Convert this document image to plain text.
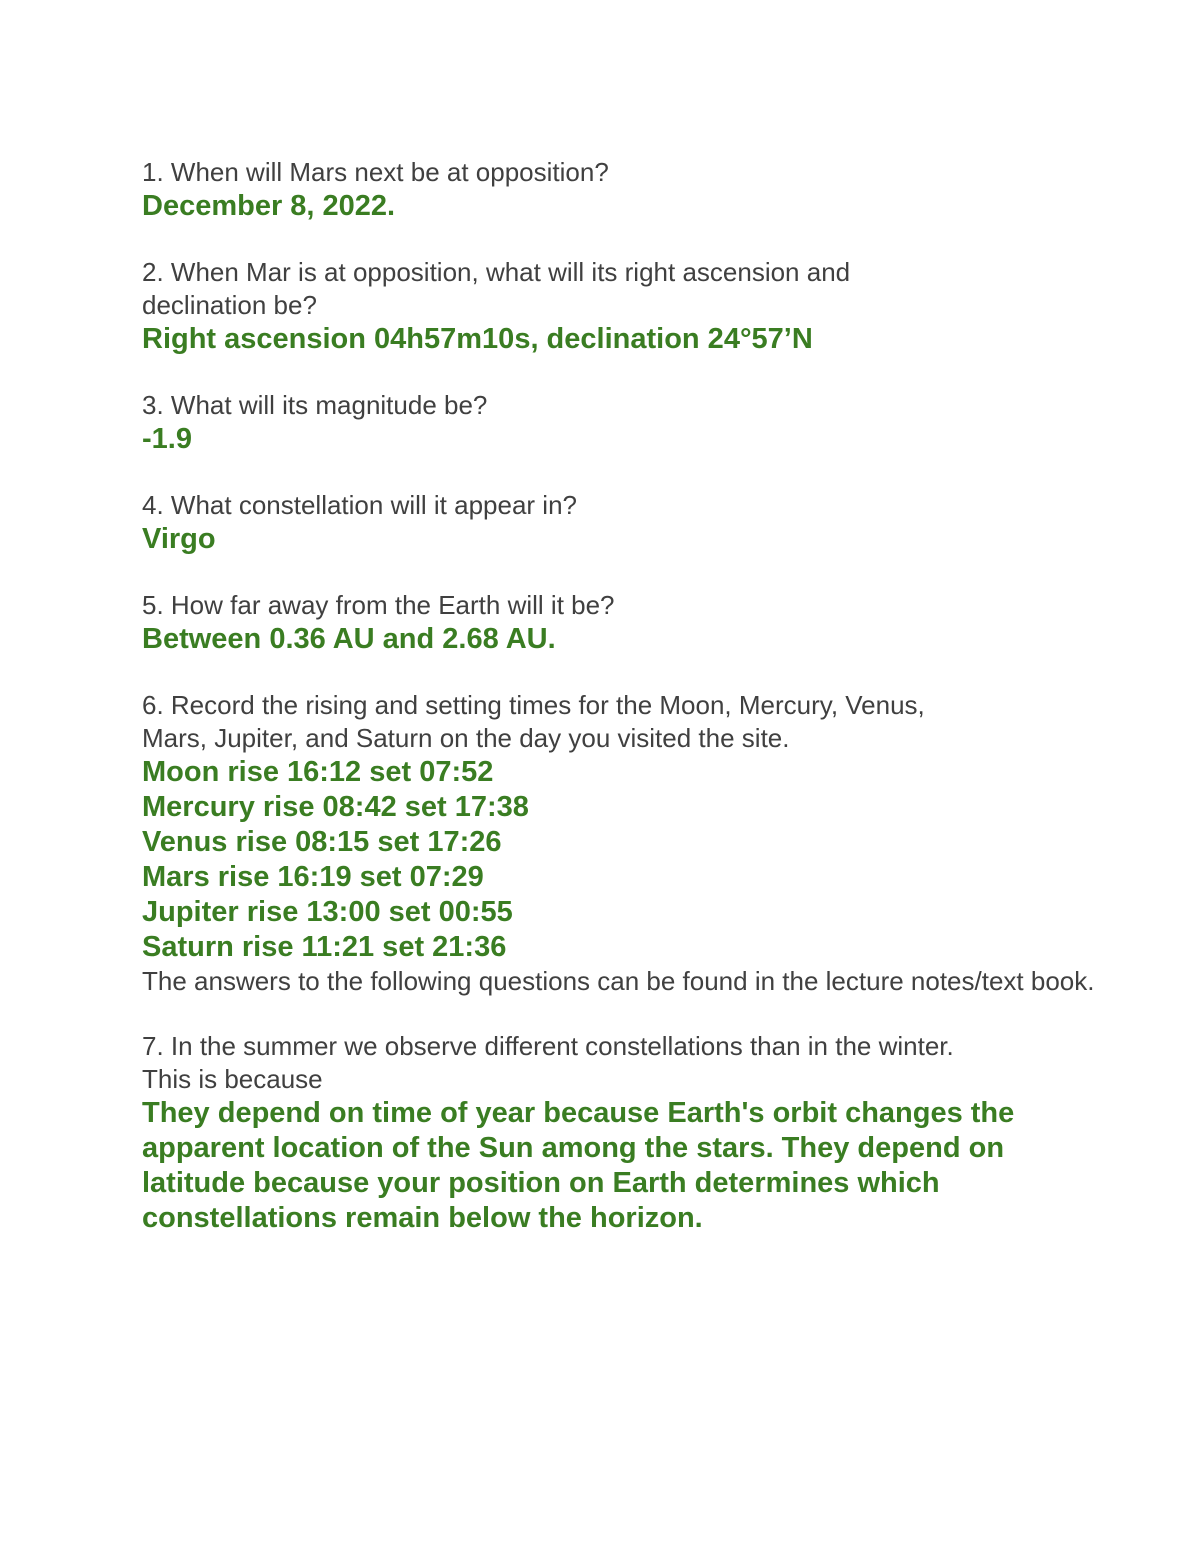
1. When will Mars next be at opposition?
December 8, 2022.
2. When Mar is at opposition, what will its right ascension and
declination be?
Right ascension 04h57m10s, declination 24°57’N
3. What will its magnitude be?
-1.9
4. What constellation will it appear in?
Virgo
5. How far away from the Earth will it be?
Between 0.36 AU and 2.68 AU.
6. Record the rising and setting times for the Moon, Mercury, Venus,
Mars, Jupiter, and Saturn on the day you visited the site.
Moon rise 16:12 set 07:52
Mercury rise 08:42 set 17:38
Venus rise 08:15 set 17:26
Mars rise 16:19 set 07:29
Jupiter rise 13:00 set 00:55
Saturn rise 11:21 set 21:36
The answers to the following questions can be found in the lecture notes/text book.
7. In the summer we observe different constellations than in the winter.
This is because
They depend on time of year because Earth's orbit changes the apparent location of the Sun among the stars. They depend on latitude because your position on Earth determines which constellations remain below the horizon.
